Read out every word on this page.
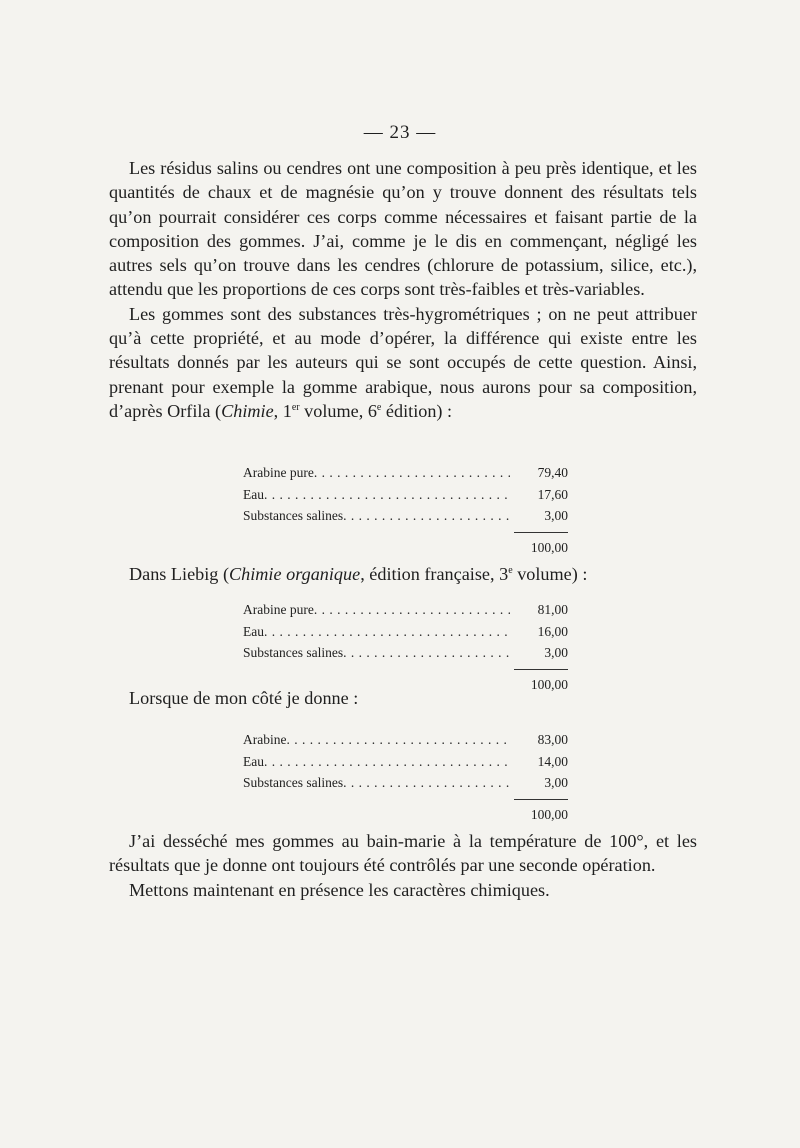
— 23 —

Les résidus salins ou cendres ont une composition à peu près identique, et les quantités de chaux et de magnésie qu’on y trouve donnent des résultats tels qu’on pourrait considérer ces corps comme nécessaires et faisant partie de la composition des gommes. J’ai, comme je le dis en commençant, négligé les autres sels qu’on trouve dans les cendres (chlorure de potassium, silice, etc.), attendu que les proportions de ces corps sont très-faibles et très-variables.

Les gommes sont des substances très-hygrométriques ; on ne peut attribuer qu’à cette propriété, et au mode d’opérer, la différence qui existe entre les résultats donnés par les auteurs qui se sont occupés de cette question. Ainsi, prenant pour exemple la gomme arabique, nous aurons pour sa composition, d’après Orfila (Chimie, 1er volume, 6e édition) :

Arabine pure . . .	79,40
Eau . . .	17,60
Substances salines . . .	3,00
100,00
Dans Liebig (Chimie organique, édition française, 3e volume) :
Arabine pure . . .	81,00
Eau . . .	16,00
Substances salines . . .	3,00
100,00
Lorsque de mon côté je donne :
Arabine . . .	83,00
Eau . . .	14,00
Substances salines . . .	3,00
100,00

J’ai desséché mes gommes au bain-marie à la température de 100°, et les résultats que je donne ont toujours été contrôlés par une seconde opération.

Mettons maintenant en présence les caractères chimiques.
